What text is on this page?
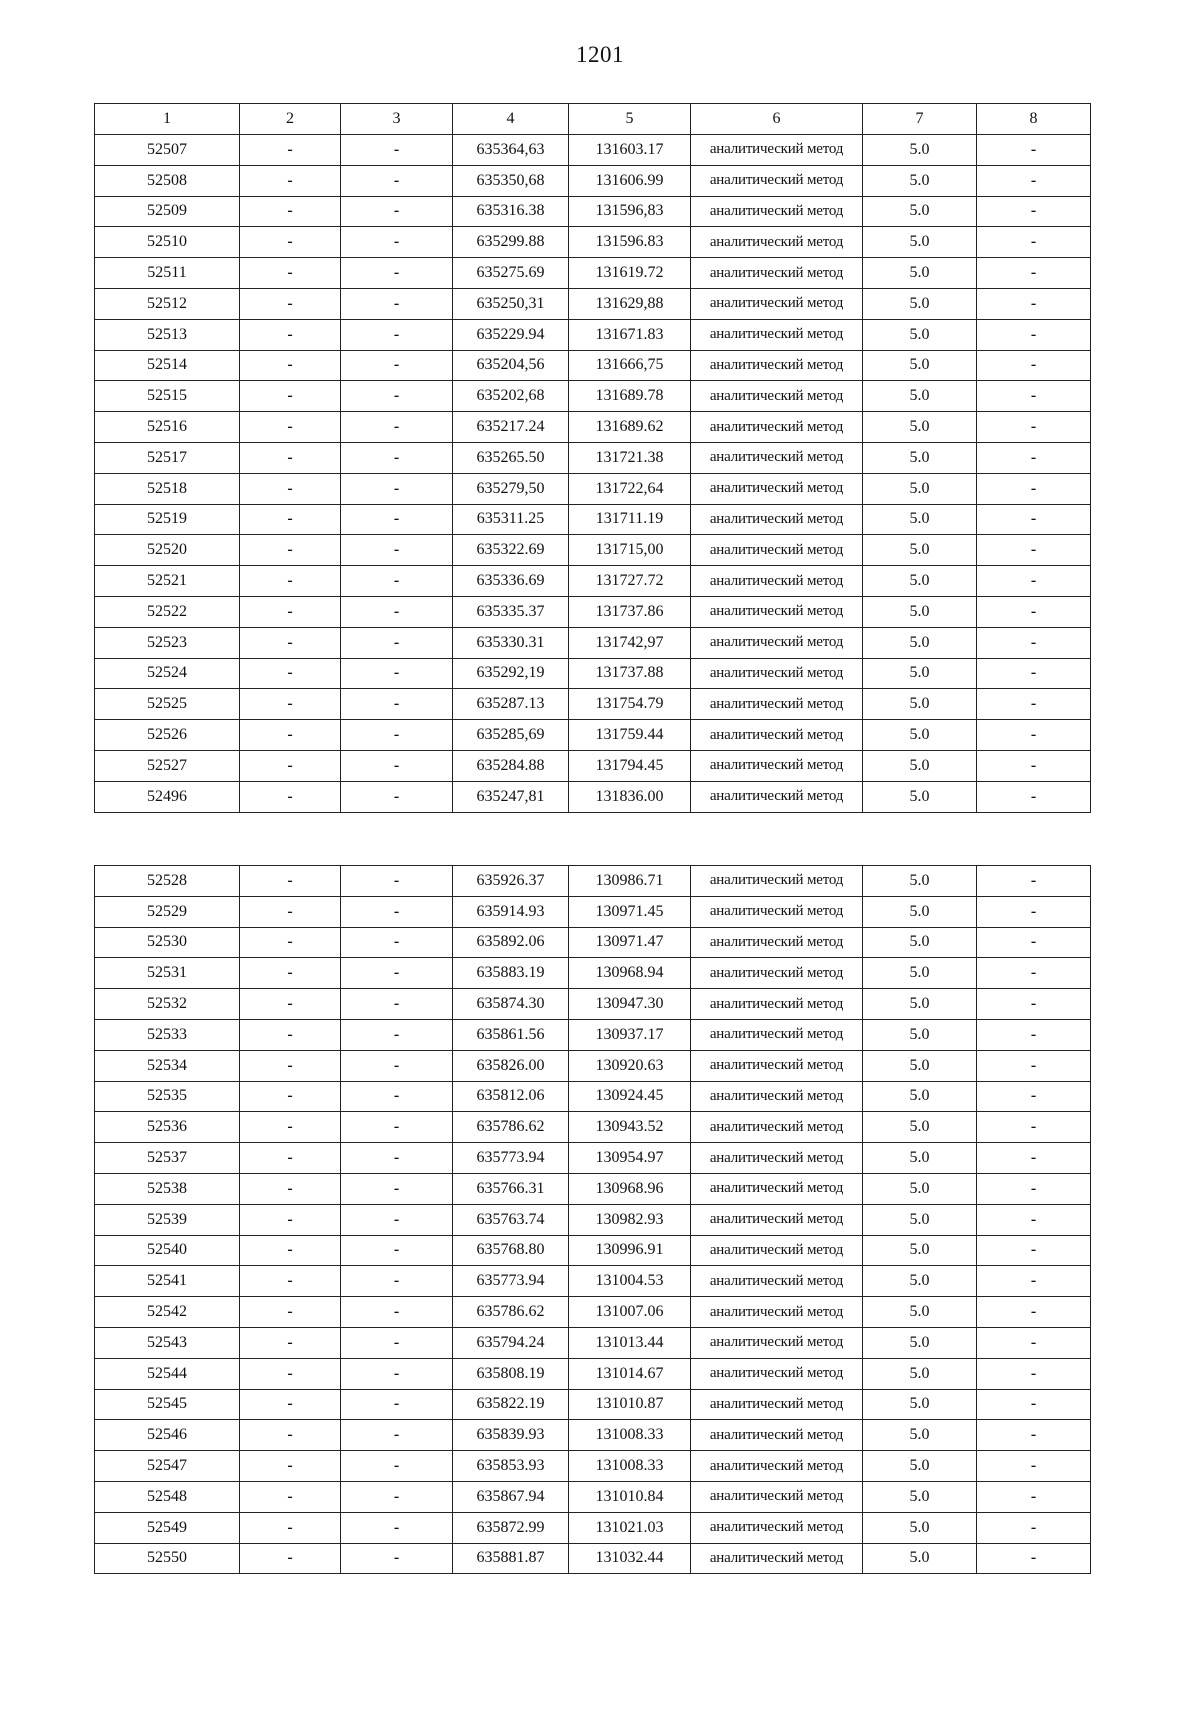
1201
1	2	3	4	5	6	7	8
52507	-	-	635364,63	131603.17	аналитический метод	5.0	-
52508	-	-	635350,68	131606.99	аналитический метод	5.0	-
52509	-	-	635316.38	131596,83	аналитический метод	5.0	-
52510	-	-	635299.88	131596.83	аналитический метод	5.0	-
52511	-	-	635275.69	131619.72	аналитический метод	5.0	-
52512	-	-	635250,31	131629,88	аналитический метод	5.0	-
52513	-	-	635229.94	131671.83	аналитический метод	5.0	-
52514	-	-	635204,56	131666,75	аналитический метод	5.0	-
52515	-	-	635202,68	131689.78	аналитический метод	5.0	-
52516	-	-	635217.24	131689.62	аналитический метод	5.0	-
52517	-	-	635265.50	131721.38	аналитический метод	5.0	-
52518	-	-	635279,50	131722,64	аналитический метод	5.0	-
52519	-	-	635311.25	131711.19	аналитический метод	5.0	-
52520	-	-	635322.69	131715,00	аналитический метод	5.0	-
52521	-	-	635336.69	131727.72	аналитический метод	5.0	-
52522	-	-	635335.37	131737.86	аналитический метод	5.0	-
52523	-	-	635330.31	131742,97	аналитический метод	5.0	-
52524	-	-	635292,19	131737.88	аналитический метод	5.0	-
52525	-	-	635287.13	131754.79	аналитический метод	5.0	-
52526	-	-	635285,69	131759.44	аналитический метод	5.0	-
52527	-	-	635284.88	131794.45	аналитический метод	5.0	-
52496	-	-	635247,81	131836.00	аналитический метод	5.0	-
52528	-	-	635926.37	130986.71	аналитический метод	5.0	-
52529	-	-	635914.93	130971.45	аналитический метод	5.0	-
52530	-	-	635892.06	130971.47	аналитический метод	5.0	-
52531	-	-	635883.19	130968.94	аналитический метод	5.0	-
52532	-	-	635874.30	130947.30	аналитический метод	5.0	-
52533	-	-	635861.56	130937.17	аналитический метод	5.0	-
52534	-	-	635826.00	130920.63	аналитический метод	5.0	-
52535	-	-	635812.06	130924.45	аналитический метод	5.0	-
52536	-	-	635786.62	130943.52	аналитический метод	5.0	-
52537	-	-	635773.94	130954.97	аналитический метод	5.0	-
52538	-	-	635766.31	130968.96	аналитический метод	5.0	-
52539	-	-	635763.74	130982.93	аналитический метод	5.0	-
52540	-	-	635768.80	130996.91	аналитический метод	5.0	-
52541	-	-	635773.94	131004.53	аналитический метод	5.0	-
52542	-	-	635786.62	131007.06	аналитический метод	5.0	-
52543	-	-	635794.24	131013.44	аналитический метод	5.0	-
52544	-	-	635808.19	131014.67	аналитический метод	5.0	-
52545	-	-	635822.19	131010.87	аналитический метод	5.0	-
52546	-	-	635839.93	131008.33	аналитический метод	5.0	-
52547	-	-	635853.93	131008.33	аналитический метод	5.0	-
52548	-	-	635867.94	131010.84	аналитический метод	5.0	-
52549	-	-	635872.99	131021.03	аналитический метод	5.0	-
52550	-	-	635881.87	131032.44	аналитический метод	5.0	-
